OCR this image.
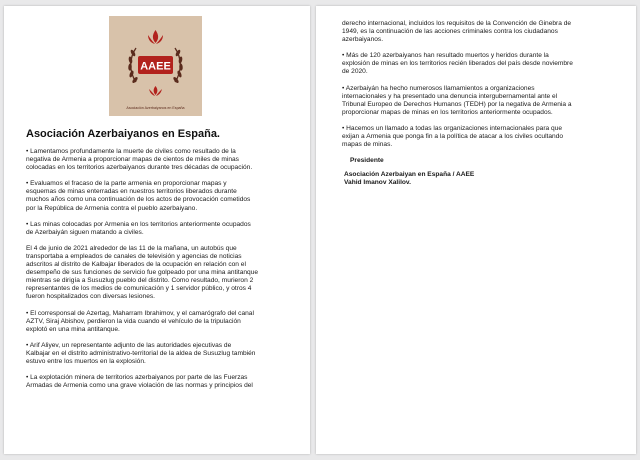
AAEE
Asociación Azerbaiyanos en España
Asociación Azerbaiyanos en España.
• Lamentamos profundamente la muerte de civiles como resultado de la
negativa de Armenia a proporcionar mapas de cientos de miles de minas
colocadas en los territorios azerbaiyanos durante tres décadas de ocupación.
• Evaluamos el fracaso de la parte armenia en proporcionar mapas y
esquemas de minas enterradas en nuestros territorios liberados durante
muchos años como una continuación de los actos de provocación cometidos
por la República de Armenia contra el pueblo azerbaiyano.
• Las minas colocadas por Armenia en los territorios anteriormente ocupados
de Azerbaiyán siguen matando a civiles.
El 4 de junio de 2021 alrededor de las 11 de la mañana, un autobús que
transportaba a empleados de canales de televisión y agencias de noticias
adscritos al distrito de Kalbajar liberados de la ocupación en relación con el
desempeño de sus funciones de servicio fue golpeado por una mina antitanque
mientras se dirigía a Susuzlug pueblo del distrito. Como resultado, murieron 2
representantes de los medios de comunicación y 1 servidor público, y otros 4
fueron hospitalizados con diversas lesiones.
• El corresponsal de Azertag, Maharram Ibrahimov, y el camarógrafo del canal
AZTV, Siraj Abishov, perdieron la vida cuando el vehículo de la tripulación
explotó en una mina antitanque.
• Arif Aliyev, un representante adjunto de las autoridades ejecutivas de
Kalbajar en el distrito administrativo-territorial de la aldea de Susuzlug también
estuvo entre los muertos en la explosión.
• La explotación minera de territorios azerbaiyanos por parte de las Fuerzas
Armadas de Armenia como una grave violación de las normas y principios del
derecho internacional, incluidos los requisitos de la Convención de Ginebra de
1949, es la continuación de las acciones criminales contra los ciudadanos
azerbaiyanos.
• Más de 120 azerbaiyanos han resultado muertos y heridos durante la
explosión de minas en los territorios recién liberados del país desde noviembre
de 2020.
• Azerbaiyán ha hecho numerosos llamamientos a organizaciones
internacionales y ha presentado una denuncia intergubernamental ante el
Tribunal Europeo de Derechos Humanos (TEDH) por la negativa de Armenia a
proporcionar mapas de minas en los territorios anteriormente ocupados.
• Hacemos un llamado a todas las organizaciones internacionales para que
exijan a Armenia que ponga fin a la política de atacar a los civiles ocultando
mapas de minas.
Presidente
Asociación Azerbaiyan en España / AAEE
Vahid Imanov Xalilov.
